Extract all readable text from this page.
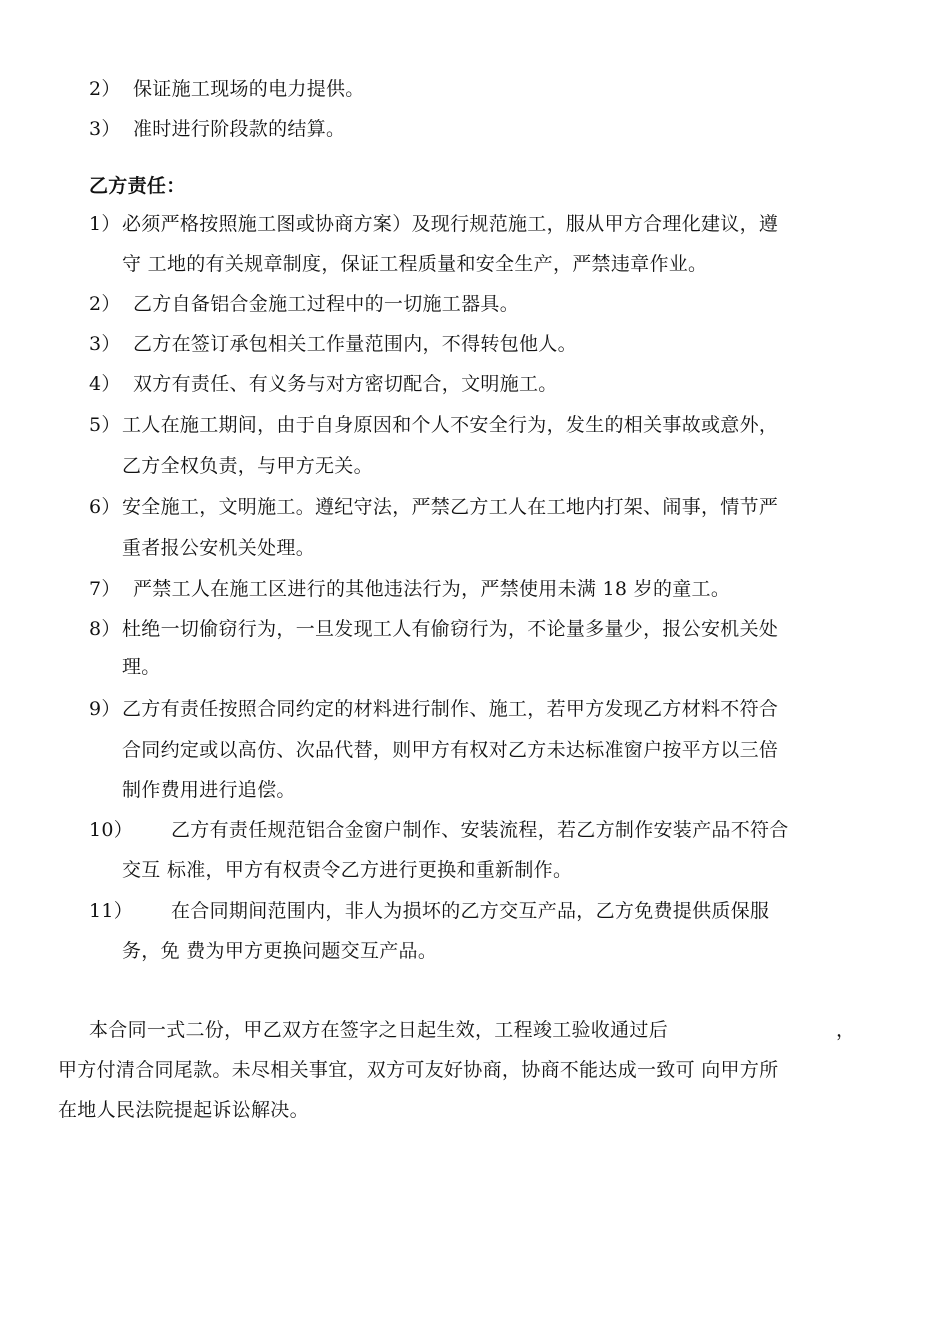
2） 保证施工现场的电力提供。
3） 准时进行阶段款的结算。
乙方责任：
1）必须严格按照施工图或协商方案）及现行规范施工，服从甲方合理化建议，遵
守 工地的有关规章制度，保证工程质量和安全生产，严禁违章作业。
2） 乙方自备铝合金施工过程中的一切施工器具。
3） 乙方在签订承包相关工作量范围内，不得转包他人。
4） 双方有责任、有义务与对方密切配合，文明施工。
5）工人在施工期间，由于自身原因和个人不安全行为，发生的相关事故或意外，
乙方全权负责，与甲方无关。
6）安全施工，文明施工。遵纪守法，严禁乙方工人在工地内打架、闹事，情节严
重者报公安机关处理。
7） 严禁工人在施工区进行的其他违法行为，严禁使用未满 18 岁的童工。
8）杜绝一切偷窃行为，一旦发现工人有偷窃行为，不论量多量少，报公安机关处
理。
9）乙方有责任按照合同约定的材料进行制作、施工，若甲方发现乙方材料不符合
合同约定或以高仿、次品代替，则甲方有权对乙方未达标准窗户按平方以三倍
制作费用进行追偿。
10） 乙方有责任规范铝合金窗户制作、安装流程，若乙方制作安装产品不符合
交互 标准，甲方有权责令乙方进行更换和重新制作。
11） 在合同期间范围内，非人为损坏的乙方交互产品，乙方免费提供质保服
务，免 费为甲方更换问题交互产品。
本合同一式二份，甲乙双方在签字之日起生效，工程竣工验收通过后	，
甲方付清合同尾款。未尽相关事宜，双方可友好协商，协商不能达成一致可 向甲方所
在地人民法院提起诉讼解决。
